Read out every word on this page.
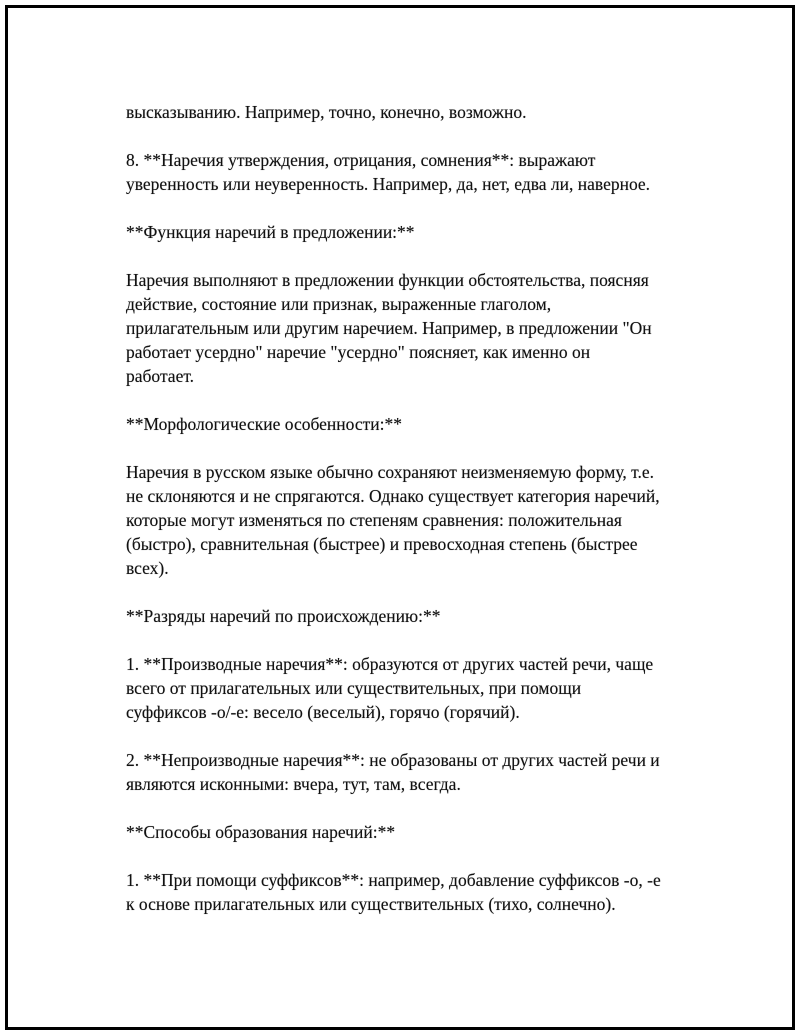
высказыванию. Например, точно, конечно, возможно.

8. **Наречия утверждения, отрицания, сомнения**: выражают
уверенность или неуверенность. Например, да, нет, едва ли, наверное.

**Функция наречий в предложении:**

Наречия выполняют в предложении функции обстоятельства, поясняя
действие, состояние или признак, выраженные глаголом,
прилагательным или другим наречием. Например, в предложении "Он
работает усердно" наречие "усердно" поясняет, как именно он
работает.

**Морфологические особенности:**

Наречия в русском языке обычно сохраняют неизменяемую форму, т.е.
не склоняются и не спрягаются. Однако существует категория наречий,
которые могут изменяться по степеням сравнения: положительная
(быстро), сравнительная (быстрее) и превосходная степень (быстрее
всех).

**Разряды наречий по происхождению:**

1. **Производные наречия**: образуются от других частей речи, чаще
всего от прилагательных или существительных, при помощи
суффиксов -о/-е: весело (веселый), горячо (горячий).

2. **Непроизводные наречия**: не образованы от других частей речи и
являются исконными: вчера, тут, там, всегда.

**Способы образования наречий:**

1. **При помощи суффиксов**: например, добавление суффиксов -о, -е
к основе прилагательных или существительных (тихо, солнечно).
